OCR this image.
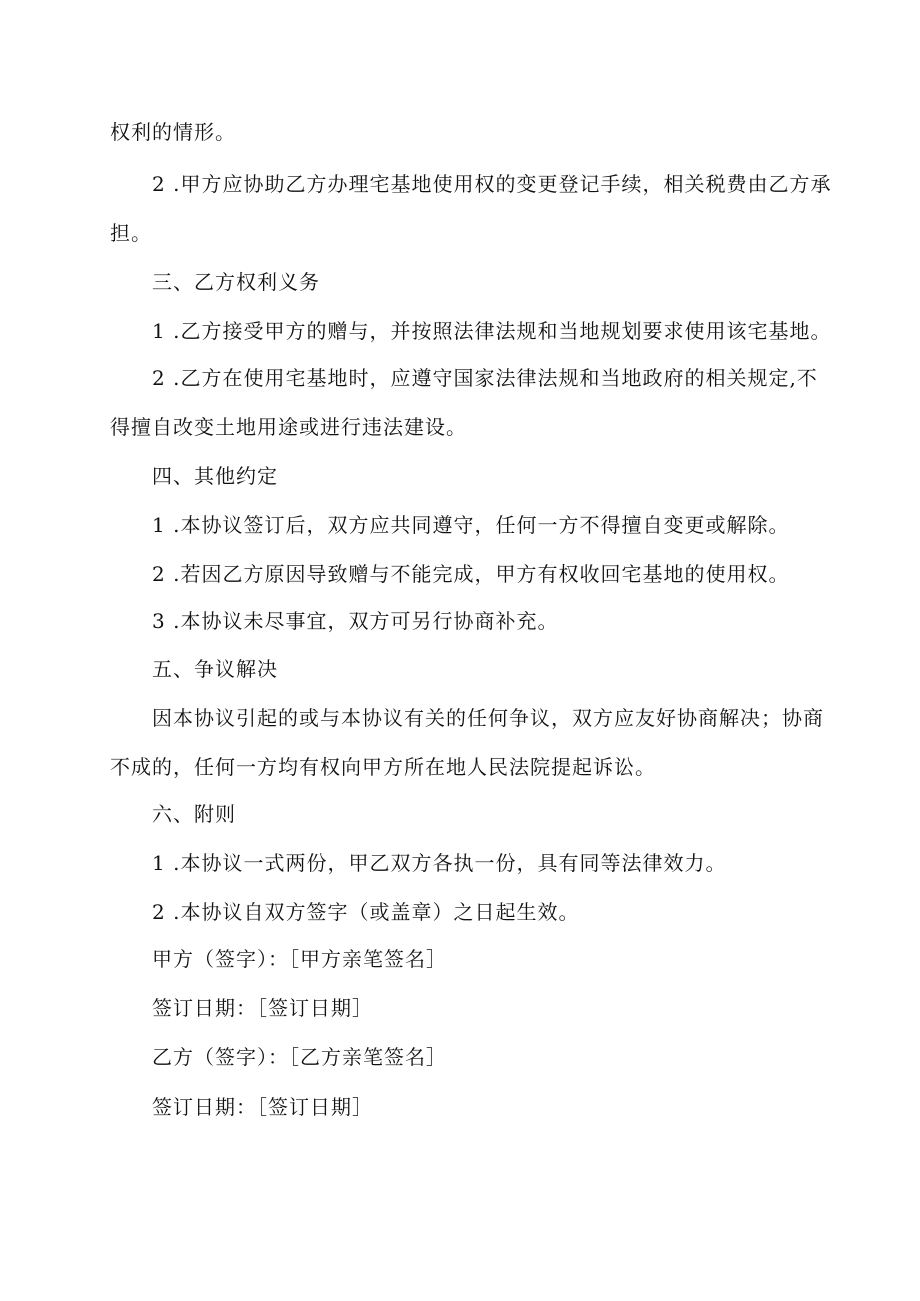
权利的情形。
2 .甲方应协助乙方办理宅基地使用权的变更登记手续，相关税费由乙方承
担。
三、乙方权利义务
1 .乙方接受甲方的赠与，并按照法律法规和当地规划要求使用该宅基地。
2 .乙方在使用宅基地时，应遵守国家法律法规和当地政府的相关规定,不
得擅自改变土地用途或进行违法建设。
四、其他约定
1 .本协议签订后，双方应共同遵守，任何一方不得擅自变更或解除。
2 .若因乙方原因导致赠与不能完成，甲方有权收回宅基地的使用权。
3 .本协议未尽事宜，双方可另行协商补充。
五、争议解决
因本协议引起的或与本协议有关的任何争议，双方应友好协商解决；协商
不成的，任何一方均有权向甲方所在地人民法院提起诉讼。
六、附则
1 .本协议一式两份，甲乙双方各执一份，具有同等法律效力。
2 .本协议自双方签字（或盖章）之日起生效。
甲方（签字）：［甲方亲笔签名］
签订日期：［签订日期］
乙方（签字）：［乙方亲笔签名］
签订日期：［签订日期］
